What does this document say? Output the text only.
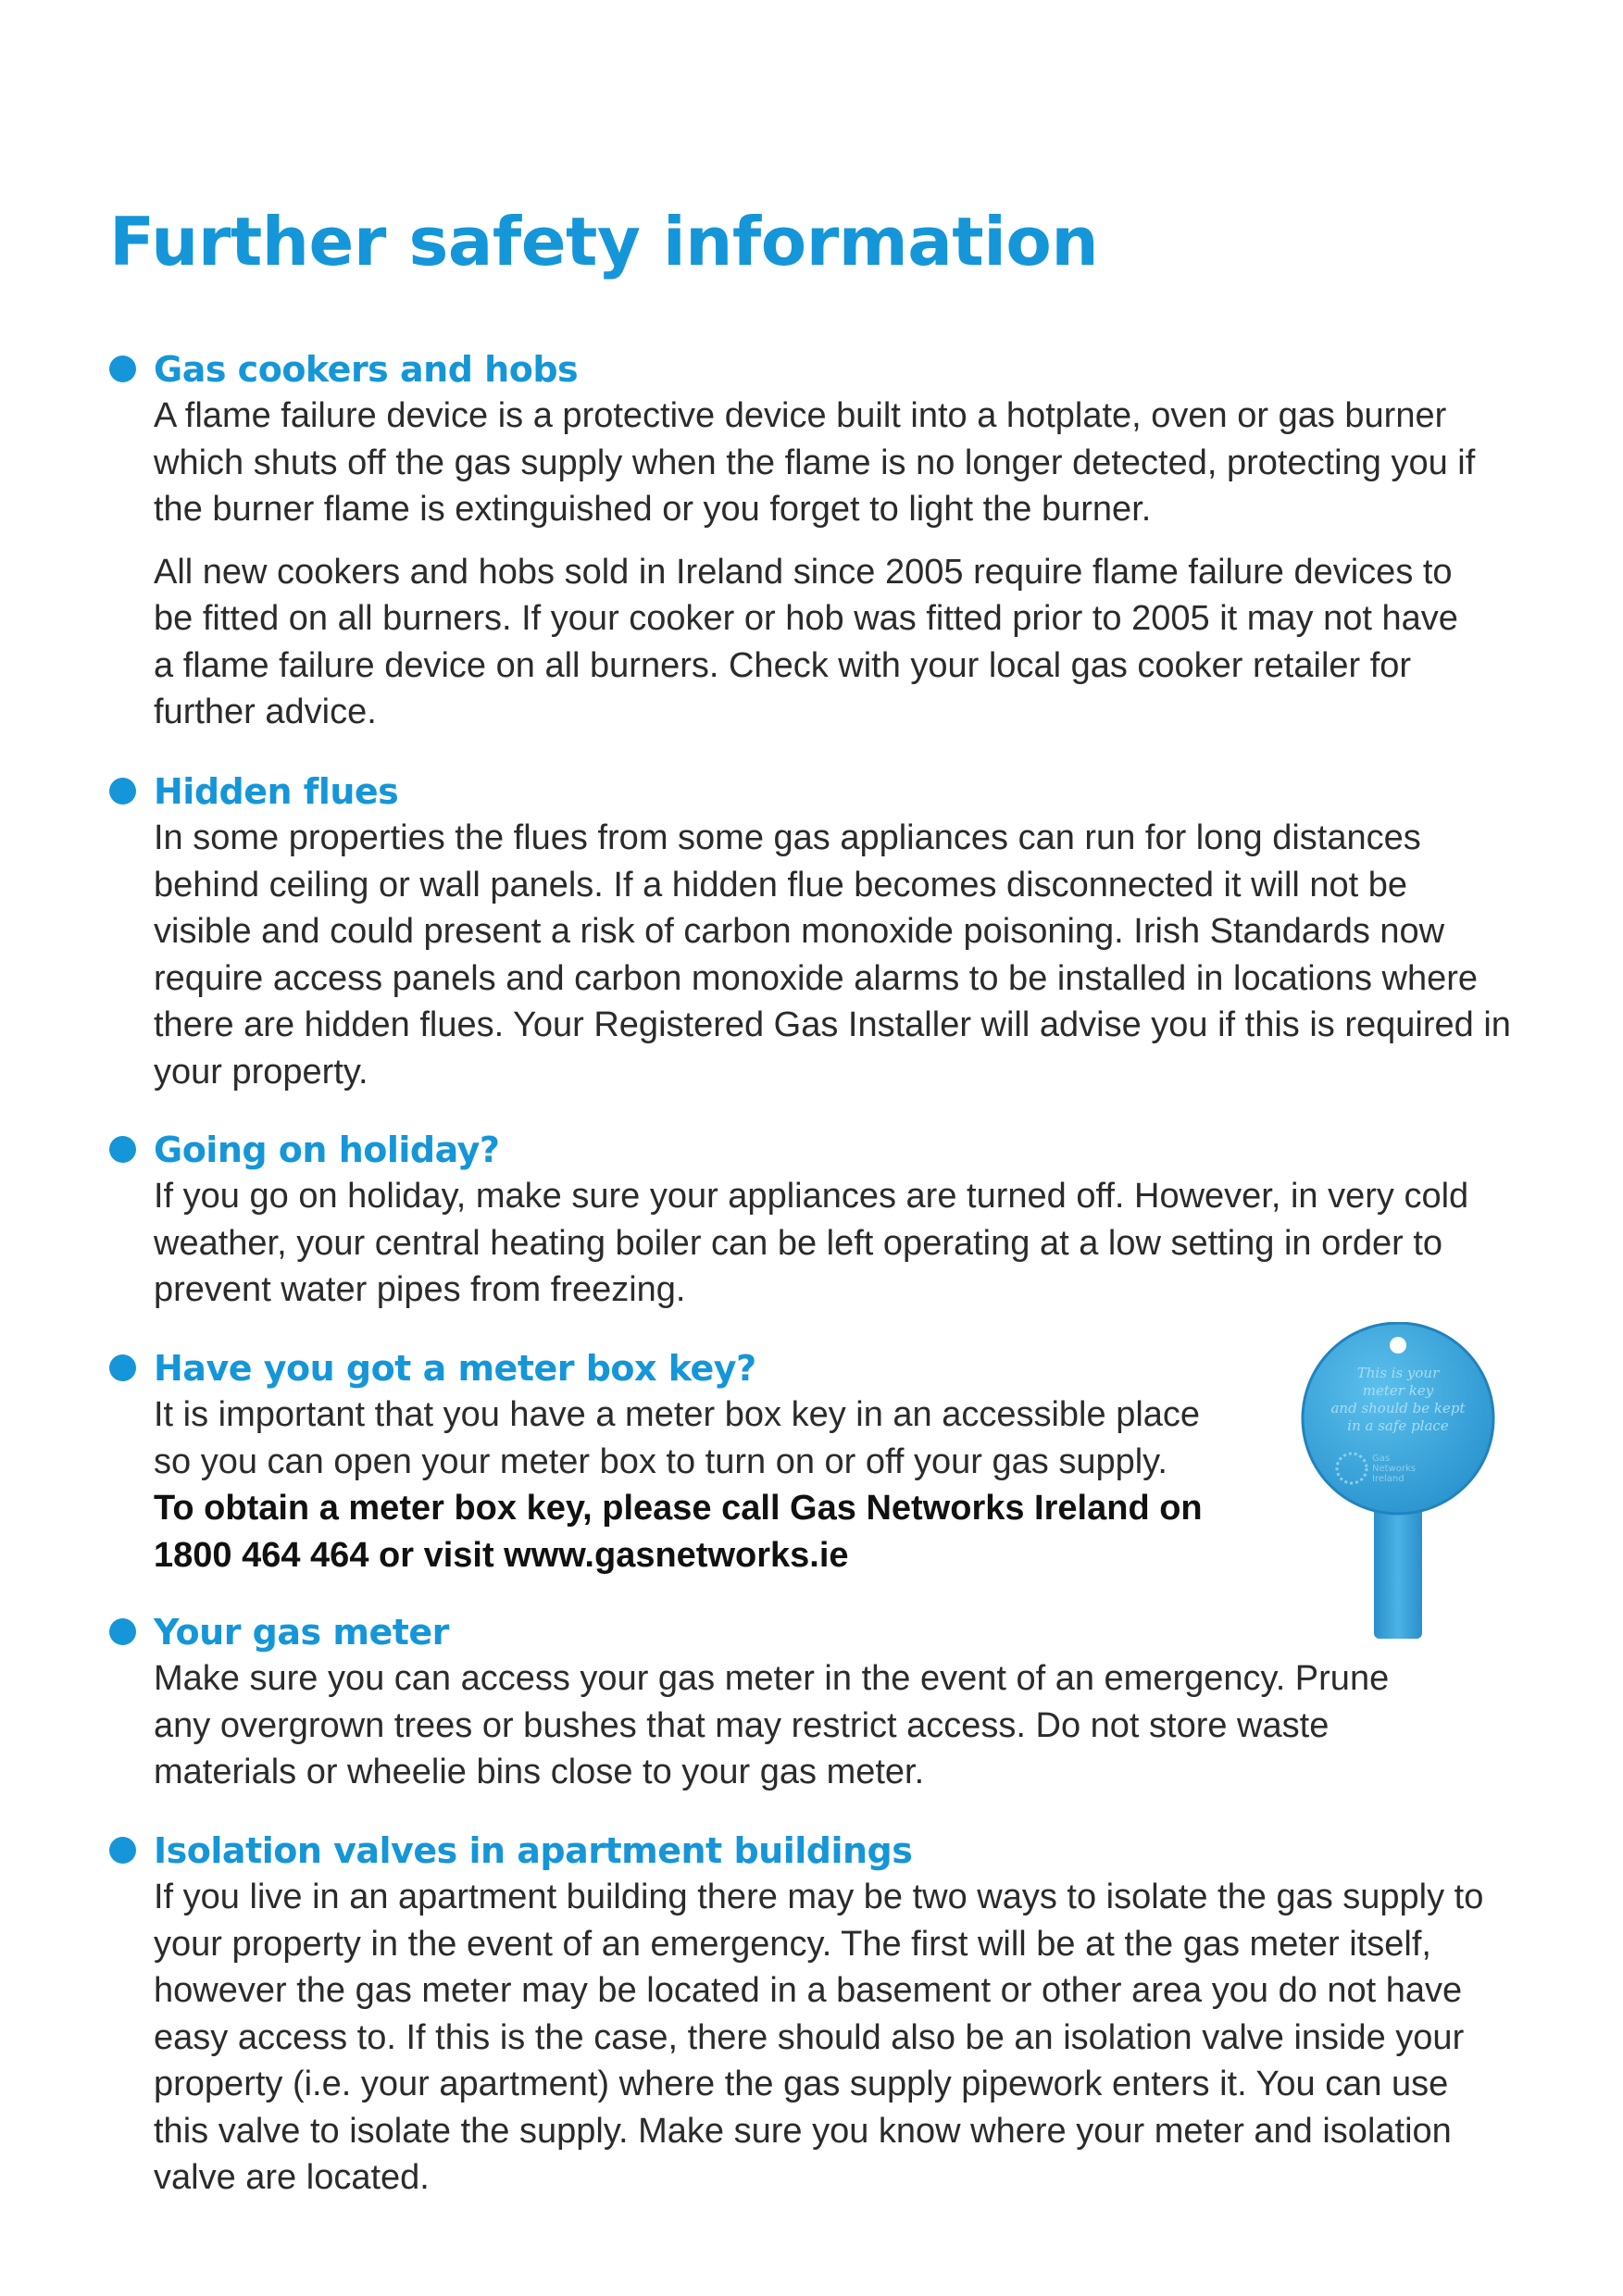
Further safety information
Gas cookers and hobs

A flame failure device is a protective device built into a hotplate, oven or gas burner which shuts off the gas supply when the flame is no longer detected, protecting you if the burner flame is extinguished or you forget to light the burner.

All new cookers and hobs sold in Ireland since 2005 require flame failure devices to be fitted on all burners. If your cooker or hob was fitted prior to 2005 it may not have a flame failure device on all burners. Check with your local gas cooker retailer for further advice.

Hidden flues

In some properties the flues from some gas appliances can run for long distances behind ceiling or wall panels. If a hidden flue becomes disconnected it will not be visible and could present a risk of carbon monoxide poisoning. Irish Standards now require access panels and carbon monoxide alarms to be installed in locations where there are hidden flues. Your Registered Gas Installer will advise you if this is required in your property.

Going on holiday?

If you go on holiday, make sure your appliances are turned off. However, in very cold weather, your central heating boiler can be left operating at a low setting in order to prevent water pipes from freezing.

Have you got a meter box key?

It is important that you have a meter box key in an accessible place so you can open your meter box to turn on or off your gas supply.

To obtain a meter box key, please call Gas Networks Ireland on 1800 464 464 or visit www.gasnetworks.ie

This is your
meter key
and should be kept
in a safe place
Gas
Networks
Ireland
Your gas meter

Make sure you can access your gas meter in the event of an emergency. Prune any overgrown trees or bushes that may restrict access. Do not store waste materials or wheelie bins close to your gas meter.

Isolation valves in apartment buildings

If you live in an apartment building there may be two ways to isolate the gas supply to your property in the event of an emergency. The first will be at the gas meter itself, however the gas meter may be located in a basement or other area you do not have easy access to. If this is the case, there should also be an isolation valve inside your property (i.e. your apartment) where the gas supply pipework enters it. You can use this valve to isolate the supply. Make sure you know where your meter and isolation valve are located.
